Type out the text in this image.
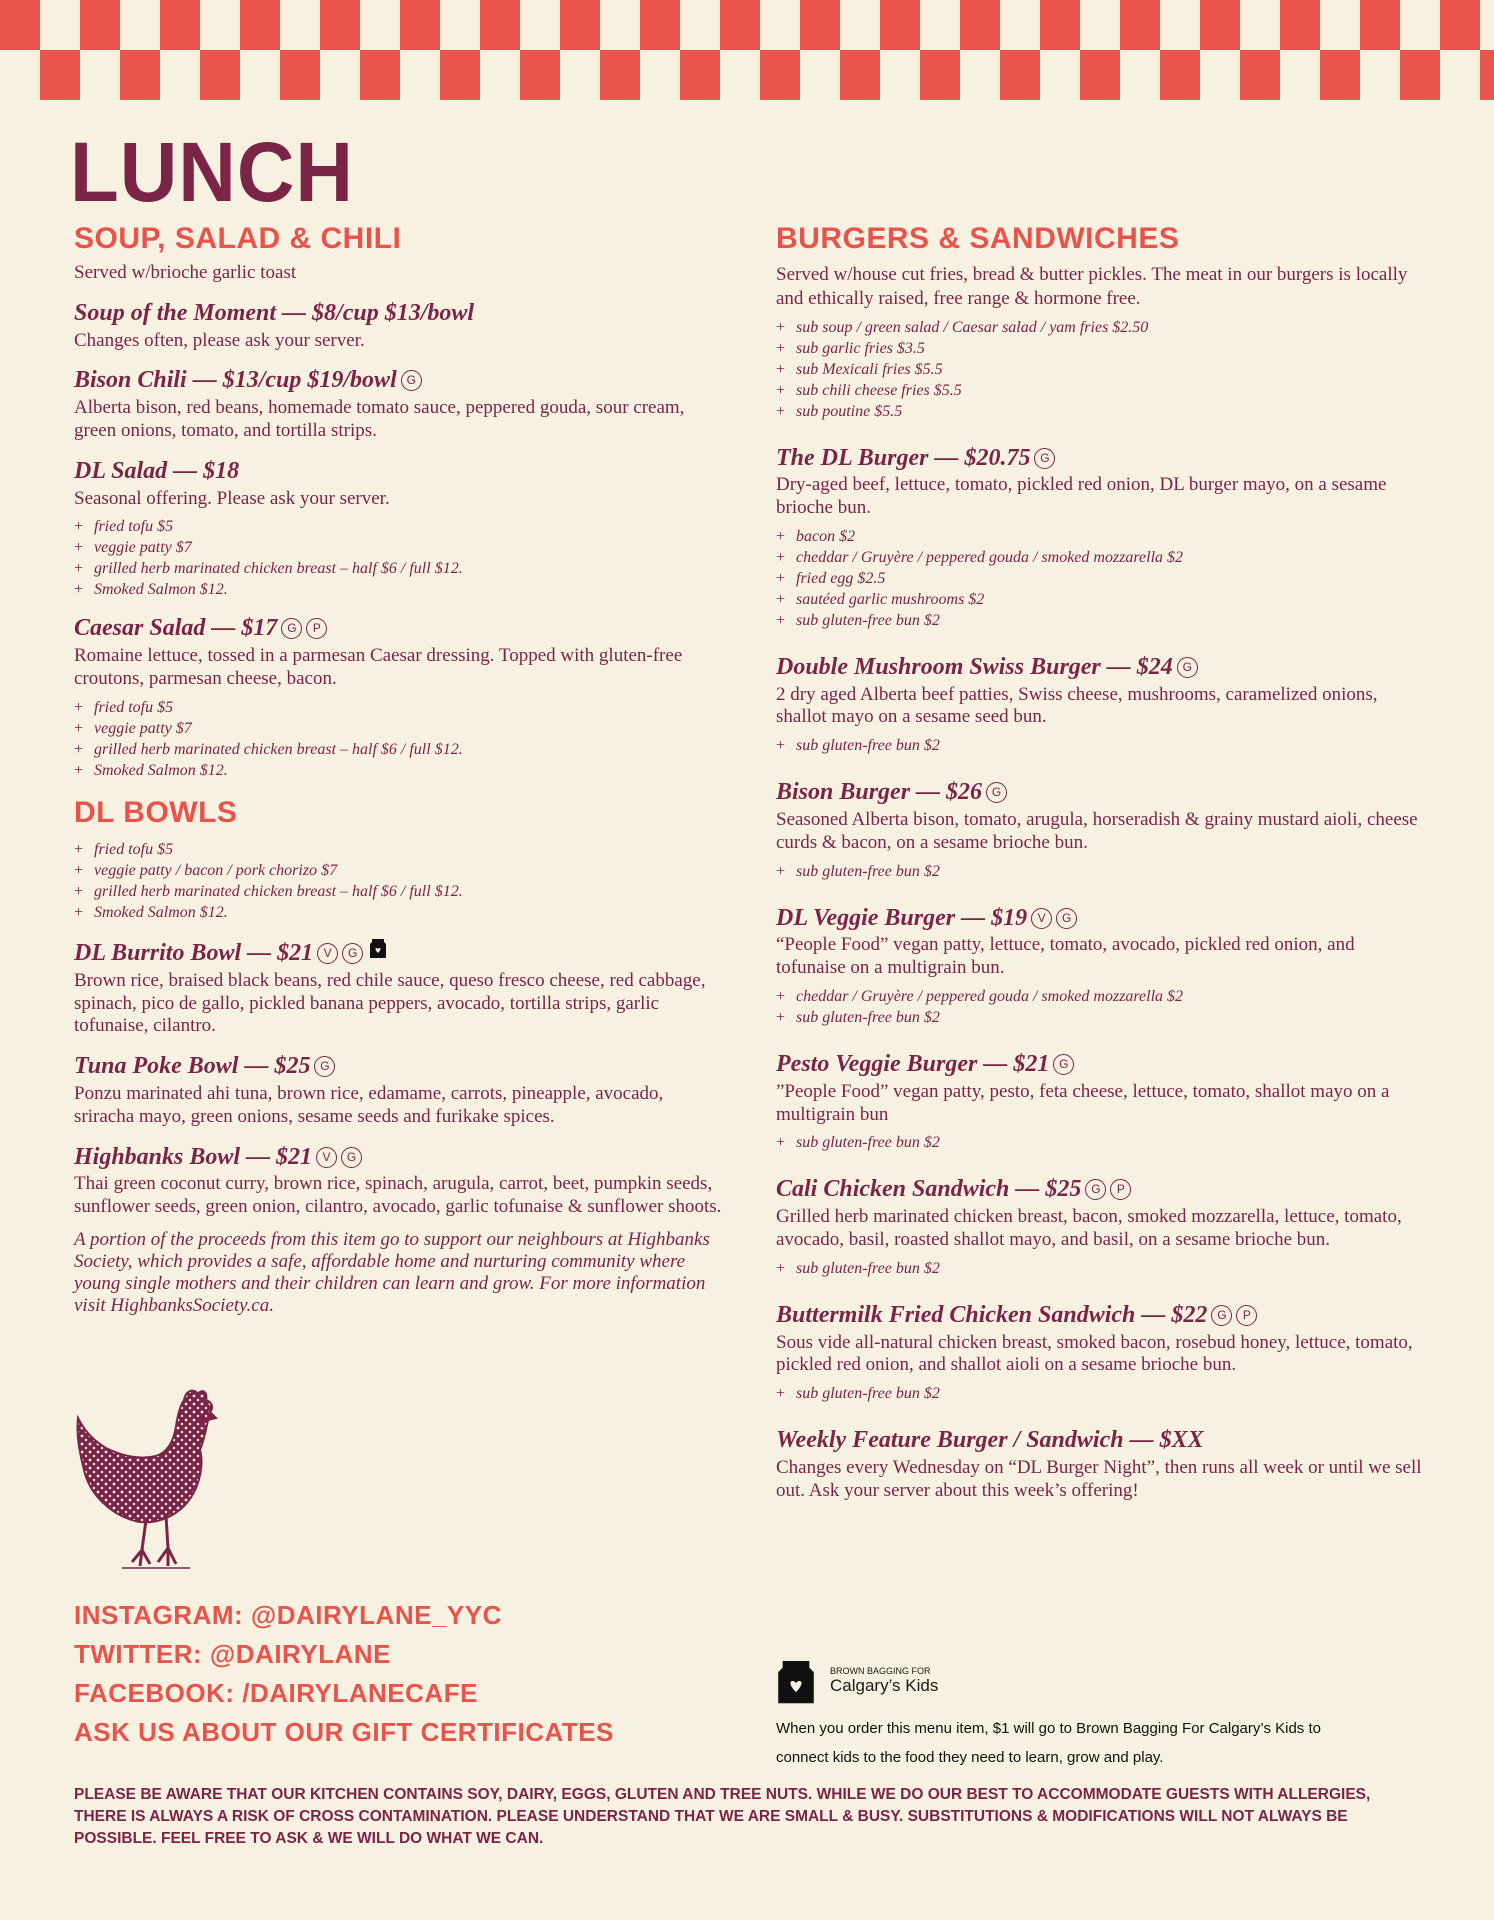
LUNCH
SOUP, SALAD & CHILI

Served w/brioche garlic toast

Soup of the Moment — $8/cup $13/bowl

Changes often, please ask your server.

Bison Chili — $13/cup $19/bowl G

Alberta bison, red beans, homemade tomato sauce, peppered gouda, sour cream, green onions, tomato, and tortilla strips.

DL Salad — $18

Seasonal offering. Please ask your server.

+ fried tofu $5
+ veggie patty $7
+ grilled herb marinated chicken breast – half $6 / full $12.
+ Smoked Salmon $12.

Caesar Salad — $17 G P

Romaine lettuce, tossed in a parmesan Caesar dressing. Topped with gluten-free croutons, parmesan cheese, bacon.

+ fried tofu $5
+ veggie patty $7
+ grilled herb marinated chicken breast – half $6 / full $12.
+ Smoked Salmon $12.
DL BOWLS
+ fried tofu $5
+ veggie patty / bacon / pork chorizo $7
+ grilled herb marinated chicken breast – half $6 / full $12.
+ Smoked Salmon $12.

DL Burrito Bowl — $21 V G

Brown rice, braised black beans, red chile sauce, queso fresco cheese, red cabbage, spinach, pico de gallo, pickled banana peppers, avocado, tortilla strips, garlic tofunaise, cilantro.

Tuna Poke Bowl — $25 G

Ponzu marinated ahi tuna, brown rice, edamame, carrots, pineapple, avocado, sriracha mayo, green onions, sesame seeds and furikake spices.

Highbanks Bowl — $21 V G

Thai green coconut curry, brown rice, spinach, arugula, carrot, beet, pumpkin seeds, sunflower seeds, green onion, cilantro, avocado, garlic tofunaise & sunflower shoots.

A portion of the proceeds from this item go to support our neighbours at Highbanks Society, which provides a safe, affordable home and nurturing community where young single mothers and their children can learn and grow. For more information visit HighbanksSociety.ca.

BURGERS & SANDWICHES

Served w/house cut fries, bread & butter pickles. The meat in our burgers is locally and ethically raised, free range & hormone free.

+ sub soup / green salad / Caesar salad / yam fries $2.50
+ sub garlic fries $3.5
+ sub Mexicali fries $5.5
+ sub chili cheese fries $5.5
+ sub poutine $5.5

The DL Burger — $20.75 G

Dry-aged beef, lettuce, tomato, pickled red onion, DL burger mayo, on a sesame brioche bun.

+ bacon $2
+ cheddar / Gruyère / peppered gouda / smoked mozzarella $2
+ fried egg $2.5
+ sautéed garlic mushrooms $2
+ sub gluten-free bun $2

Double Mushroom Swiss Burger — $24 G

2 dry aged Alberta beef patties, Swiss cheese, mushrooms, caramelized onions, shallot mayo on a sesame seed bun.

+ sub gluten-free bun $2

Bison Burger — $26 G

Seasoned Alberta bison, tomato, arugula, horseradish & grainy mustard aioli, cheese curds & bacon, on a sesame brioche bun.

+ sub gluten-free bun $2

DL Veggie Burger — $19 V G

“People Food” vegan patty, lettuce, tomato, avocado, pickled red onion, and tofunaise on a multigrain bun.

+ cheddar / Gruyère / peppered gouda / smoked mozzarella $2
+ sub gluten-free bun $2

Pesto Veggie Burger — $21 G

”People Food” vegan patty, pesto, feta cheese, lettuce, tomato, shallot mayo on a multigrain bun

+ sub gluten-free bun $2

Cali Chicken Sandwich — $25 G P

Grilled herb marinated chicken breast, bacon, smoked mozzarella, lettuce, tomato, avocado, basil, roasted shallot mayo, and basil, on a sesame brioche bun.

+ sub gluten-free bun $2

Buttermilk Fried Chicken Sandwich — $22 G P

Sous vide all-natural chicken breast, smoked bacon, rosebud honey, lettuce, tomato, pickled red onion, and shallot aioli on a sesame brioche bun.

+ sub gluten-free bun $2

Weekly Feature Burger / Sandwich — $XX

Changes every Wednesday on “DL Burger Night”, then runs all week or until we sell out. Ask your server about this week’s offering!

INSTAGRAM: @DAIRYLANE_YYC
TWITTER: @DAIRYLANE
FACEBOOK: /DAIRYLANECAFE
ASK US ABOUT OUR GIFT CERTIFICATES
BROWN BAGGING FOR
Calgary’s Kids

When you order this menu item, $1 will go to Brown Bagging For Calgary’s Kids to connect kids to the food they need to learn, grow and play.

PLEASE BE AWARE THAT OUR KITCHEN CONTAINS SOY, DAIRY, EGGS, GLUTEN AND TREE NUTS. WHILE WE DO OUR BEST TO ACCOMMODATE GUESTS WITH ALLERGIES, THERE IS ALWAYS A RISK OF CROSS CONTAMINATION. PLEASE UNDERSTAND THAT WE ARE SMALL & BUSY. SUBSTITUTIONS & MODIFICATIONS WILL NOT ALWAYS BE POSSIBLE. FEEL FREE TO ASK & WE WILL DO WHAT WE CAN.
